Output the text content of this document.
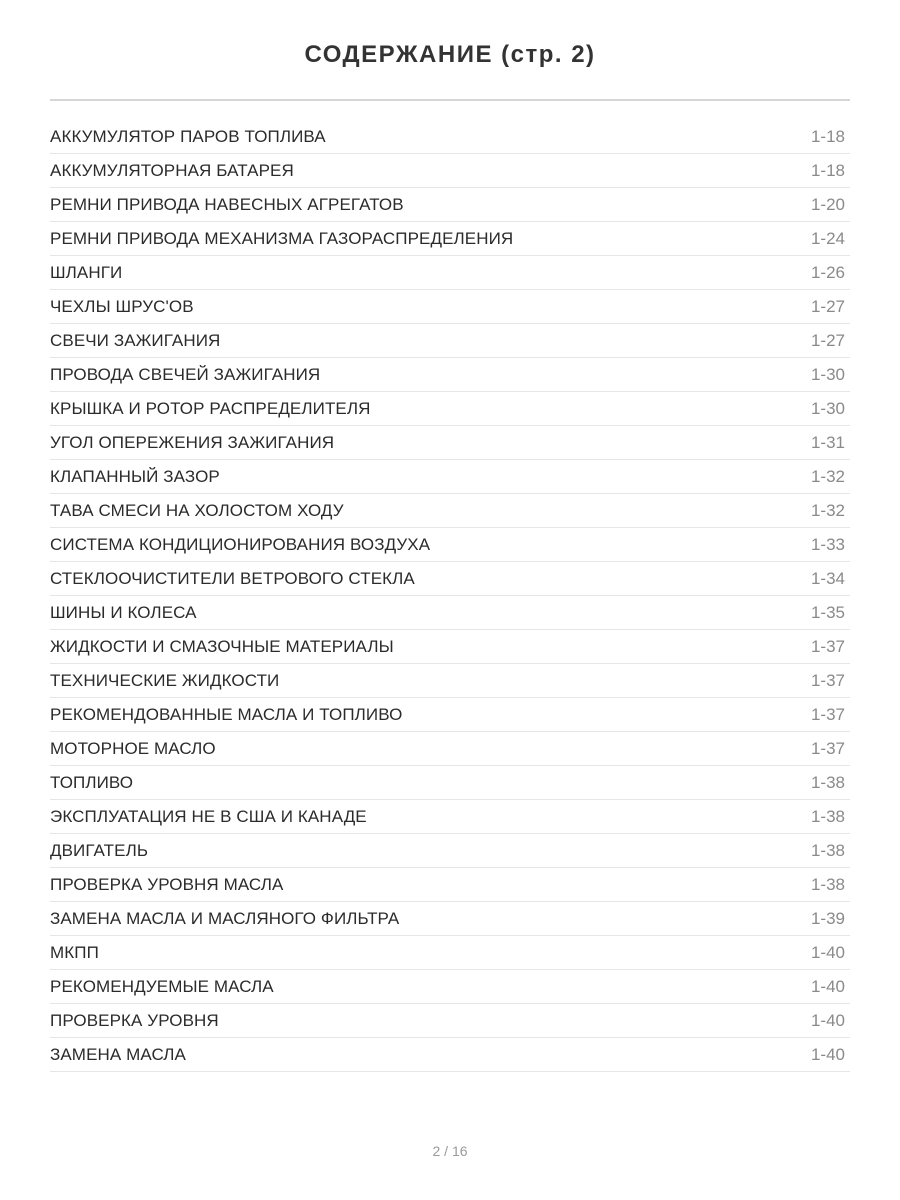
СОДЕРЖАНИЕ (стр. 2)
АККУМУЛЯТОР ПАРОВ ТОПЛИВА	1-18
АККУМУЛЯТОРНАЯ БАТАРЕЯ	1-18
РЕМНИ ПРИВОДА НАВЕСНЫХ АГРЕГАТОВ	1-20
РЕМНИ ПРИВОДА МЕХАНИЗМА ГАЗОРАСПРЕДЕЛЕНИЯ	1-24
ШЛАНГИ	1-26
ЧЕХЛЫ ШРУС'ОВ	1-27
СВЕЧИ ЗАЖИГАНИЯ	1-27
ПРОВОДА СВЕЧЕЙ ЗАЖИГАНИЯ	1-30
КРЫШКА И РОТОР РАСПРЕДЕЛИТЕЛЯ	1-30
УГОЛ ОПЕРЕЖЕНИЯ ЗАЖИГАНИЯ	1-31
КЛАПАННЫЙ ЗАЗОР	1-32
ТАВА СМЕСИ НА ХОЛОСТОМ ХОДУ	1-32
СИСТЕМА КОНДИЦИОНИРОВАНИЯ ВОЗДУХА	1-33
СТЕКЛООЧИСТИТЕЛИ ВЕТРОВОГО СТЕКЛА	1-34
ШИНЫ И КОЛЕСА	1-35
ЖИДКОСТИ И СМАЗОЧНЫЕ МАТЕРИАЛЫ	1-37
ТЕХНИЧЕСКИЕ ЖИДКОСТИ	1-37
РЕКОМЕНДОВАННЫЕ МАСЛА И ТОПЛИВО	1-37
МОТОРНОЕ МАСЛО	1-37
ТОПЛИВО	1-38
ЭКСПЛУАТАЦИЯ НЕ В США И КАНАДЕ	1-38
ДВИГАТЕЛЬ	1-38
ПРОВЕРКА УРОВНЯ МАСЛА	1-38
ЗАМЕНА МАСЛА И МАСЛЯНОГО ФИЛЬТРА	1-39
МКПП	1-40
РЕКОМЕНДУЕМЫЕ МАСЛА	1-40
ПРОВЕРКА УРОВНЯ	1-40
ЗАМЕНА МАСЛА	1-40
2 / 16
